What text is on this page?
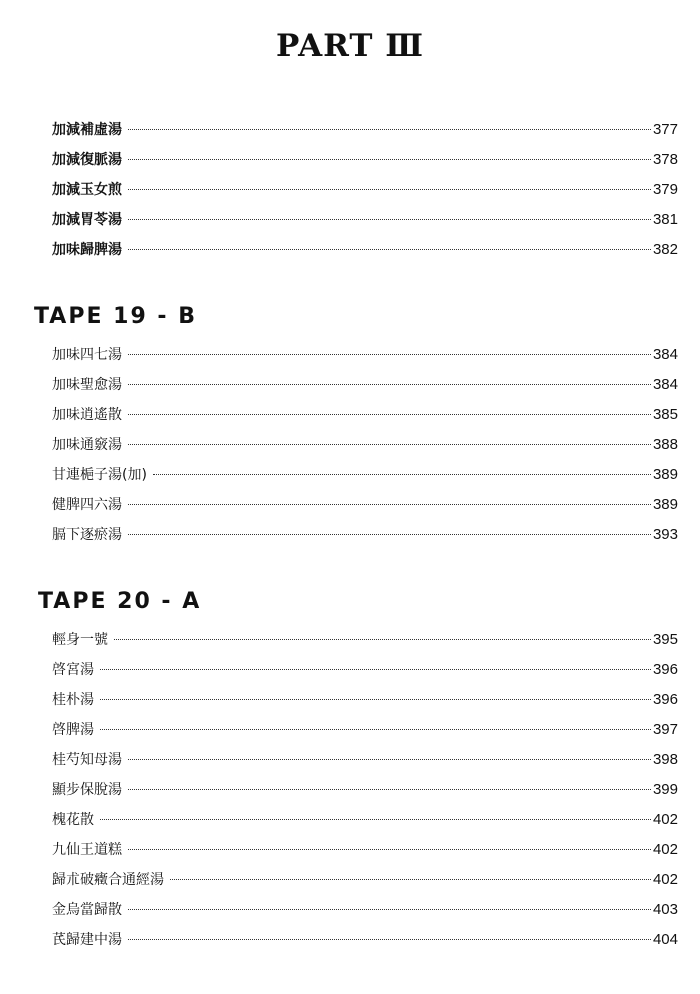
PART Ⅲ
加減補虛湯	377
加減復脈湯	378
加減玉女煎	379
加減胃苓湯	381
加味歸脾湯	382
TAPE 19 - B
加味四七湯	384
加味聖愈湯	384
加味逍遙散	385
加味通竅湯	388
甘連梔子湯(加)	389
健脾四六湯	389
膈下逐瘀湯	393
TAPE 20 - A
輕身一號	395
啓宮湯	396
桂朴湯	396
啓脾湯	397
桂芍知母湯	398
顯步保脫湯	399
槐花散	402
九仙王道糕	402
歸朮破癥合通經湯	402
金烏當歸散	403
芪歸建中湯	404
